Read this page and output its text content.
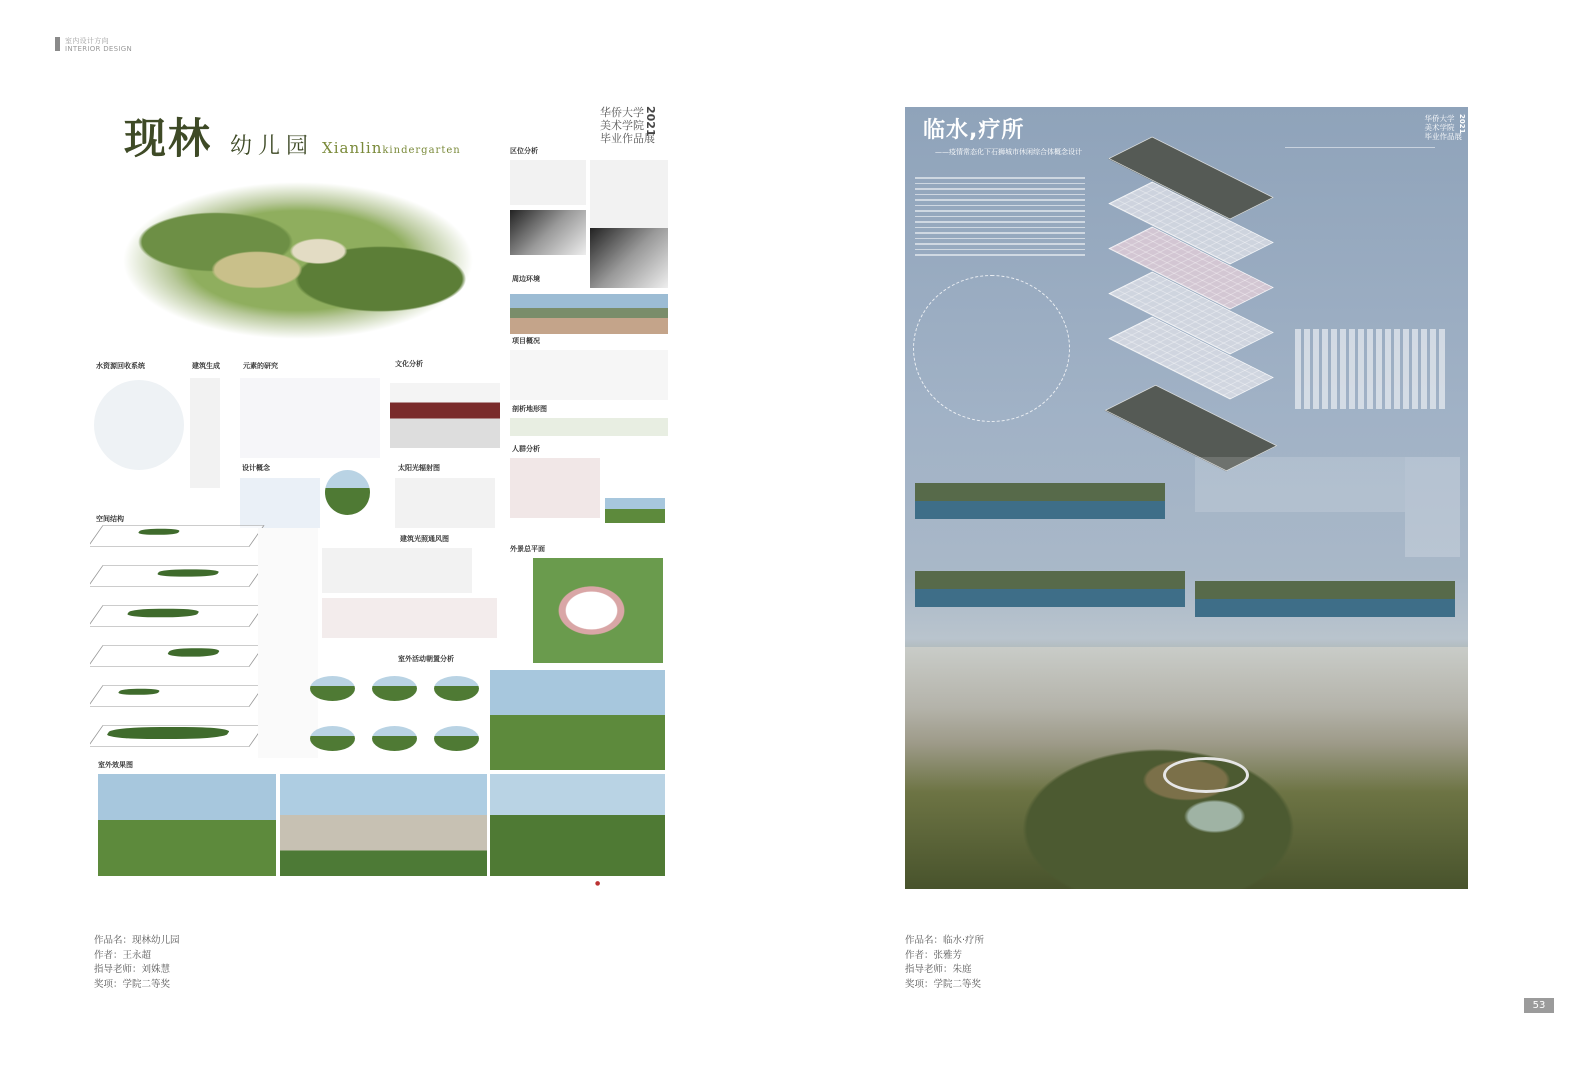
室内设计方向
INTERIOR DESIGN
现林 幼儿园 Xianlinkindergarten
华侨大学
美术学院
毕业作品展
2021
区位分析
周边环境
项目概况
剖析地形图
人群分析
水资源回收系统	建筑生成	元素的研究	文化分析
设计概念	太阳光辐射图
空间结构
建筑光照通风图
外景总平面
室外活动朝置分析
室外效果图
●
临水,疗所
——疫情常态化下石狮城市休闲综合体概念设计
华侨大学
美术学院
毕业作品展
2021
作品名：现林幼儿园
作者：王永超
指导老师：刘姝慧
奖项：学院二等奖
作品名：临水·疗所
作者：张雅芳
指导老师：朱庭
奖项：学院二等奖
53
